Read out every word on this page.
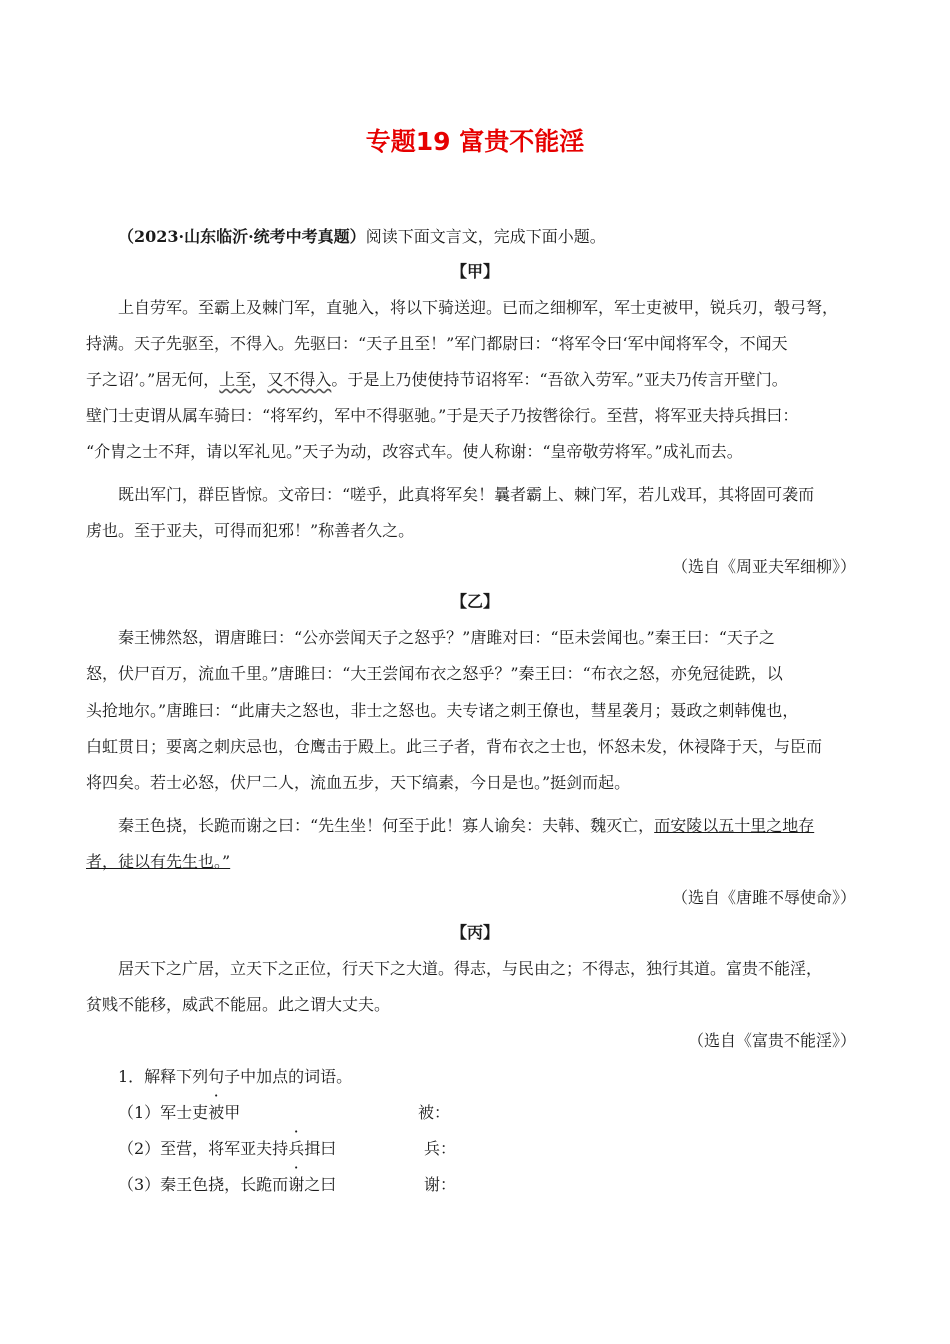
专题19 富贵不能淫
（2023·山东临沂·统考中考真题）阅读下面文言文，完成下面小题。
【甲】
上自劳军。至霸上及棘门军，直驰入，将以下骑送迎。已而之细柳军，军士吏被甲，锐兵刃，彀弓弩，
持满。天子先驱至，不得入。先驱曰：“天子且至！”军门都尉曰：“将军令曰‘军中闻将军令，不闻天
子之诏’。”居无何，上至，又不得入。于是上乃使使持节诏将军：“吾欲入劳军。”亚夫乃传言开壁门。
壁门士吏谓从属车骑曰：“将军约，军中不得驱驰。”于是天子乃按辔徐行。至营，将军亚夫持兵揖曰：
“介胄之士不拜，请以军礼见。”天子为动，改容式车。使人称谢：“皇帝敬劳将军。”成礼而去。
既出军门，群臣皆惊。文帝曰：“嗟乎，此真将军矣！曩者霸上、棘门军，若儿戏耳，其将固可袭而
虏也。至于亚夫，可得而犯邪！”称善者久之。
（选自《周亚夫军细柳》）
【乙】
秦王怫然怒，谓唐雎曰：“公亦尝闻天子之怒乎？”唐雎对曰：“臣未尝闻也。”秦王曰：“天子之
怒，伏尸百万，流血千里。”唐雎曰：“大王尝闻布衣之怒乎？”秦王曰：“布衣之怒，亦免冠徒跣，以
头抢地尔。”唐雎曰：“此庸夫之怒也，非士之怒也。夫专诸之刺王僚也，彗星袭月；聂政之刺韩傀也，
白虹贯日；要离之刺庆忌也，仓鹰击于殿上。此三子者，背布衣之士也，怀怒未发，休祲降于天，与臣而
将四矣。若士必怒，伏尸二人，流血五步，天下缟素，今日是也。”挺剑而起。
秦王色挠，长跪而谢之曰：“先生坐！何至于此！寡人谕矣：夫韩、魏灭亡，而安陵以五十里之地存
者，徒以有先生也。”
（选自《唐雎不辱使命》）
【丙】
居天下之广居，立天下之正位，行天下之大道。得志，与民由之；不得志，独行其道。富贵不能淫，
贫贱不能移，威武不能屈。此之谓大丈夫。
（选自《富贵不能淫》）
1．解释下列句子中加点的词语。
（1）军士吏被甲	被：
（2）至营，将军亚夫持兵揖曰	兵：
（3）秦王色挠，长跪而谢之曰	谢：
